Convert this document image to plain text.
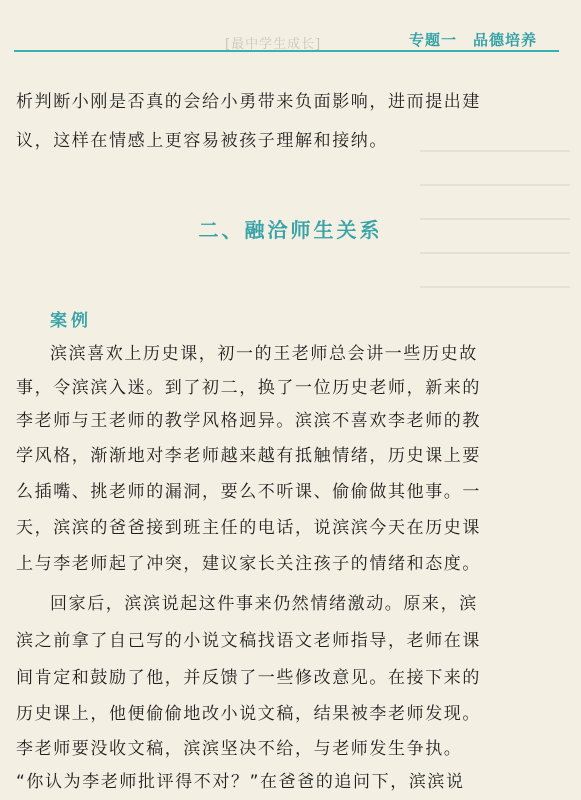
[最中学生成长]	专题一 品德培养
析判断小刚是否真的会给小勇带来负面影响，进而提出建
议，这样在情感上更容易被孩子理解和接纳。
二、融洽师生关系
案例
滨滨喜欢上历史课，初一的王老师总会讲一些历史故
事，令滨滨入迷。到了初二，换了一位历史老师，新来的
李老师与王老师的教学风格迥异。滨滨不喜欢李老师的教
学风格，渐渐地对李老师越来越有抵触情绪，历史课上要
么插嘴、挑老师的漏洞，要么不听课、偷偷做其他事。一
天，滨滨的爸爸接到班主任的电话，说滨滨今天在历史课
上与李老师起了冲突，建议家长关注孩子的情绪和态度。
回家后，滨滨说起这件事来仍然情绪激动。原来，滨
滨之前拿了自己写的小说文稿找语文老师指导，老师在课
间肯定和鼓励了他，并反馈了一些修改意见。在接下来的
历史课上，他便偷偷地改小说文稿，结果被李老师发现。
李老师要没收文稿，滨滨坚决不给，与老师发生争执。
“你认为李老师批评得不对？”在爸爸的追问下，滨滨说
